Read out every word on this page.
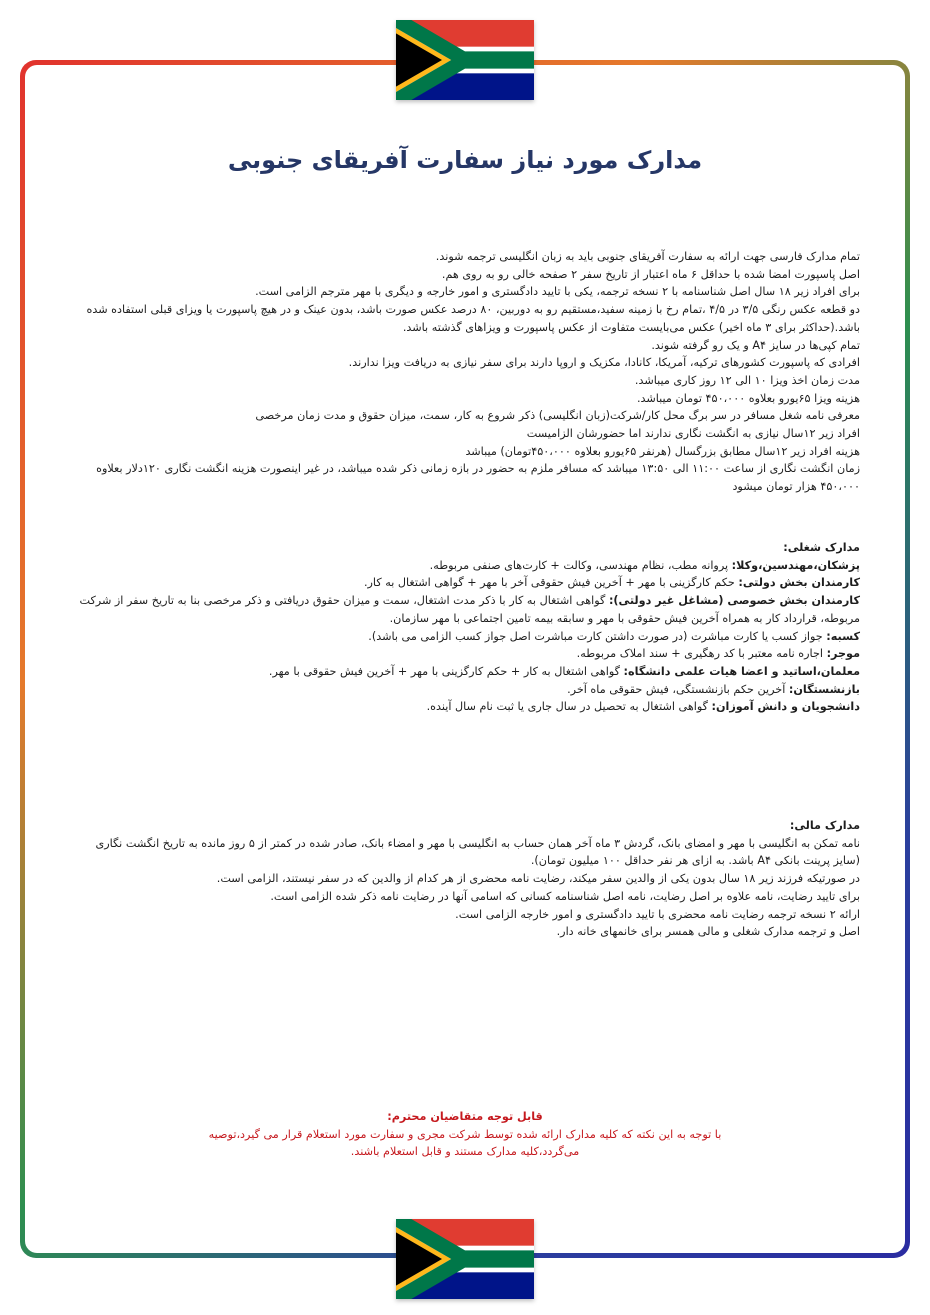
مدارک مورد نیاز سفارت آفریقای جنوبی

تمام مدارک فارسی جهت ارائه به سفارت آفریقای جنوبی باید به زبان انگلیسی ترجمه شوند.

اصل پاسپورت امضا شده با حداقل ۶ ماه اعتبار از تاریخ سفر ۲ صفحه خالی رو به روی هم.

برای افراد زیر ۱۸ سال اصل شناسنامه با ۲ نسخه ترجمه، یکی با تایید دادگستری و امور خارجه و دیگری با مهر مترجم الزامی است.

دو قطعه عکس رنگی ۳/۵ در ۴/۵ ،تمام رخ با زمینه سفید،مستقیم رو به دوربین، ۸۰ درصد عکس صورت باشد، بدون عینک و در هیچ پاسپورت یا ویزای قبلی استفاده شده باشد.(حداکثر برای ۳ ماه اخیر) عکس می‌بایست متفاوت از عکس پاسپورت و ویزاهای گذشته باشد.

تمام کپی‌ها در سایز A۴ و یک رو گرفته شوند.

افرادی که پاسپورت کشورهای ترکیه، آمریکا، کانادا، مکزیک و اروپا دارند برای سفر نیازی به دریافت ویزا ندارند.

مدت زمان اخذ ویزا ۱۰ الی ۱۲ روز کاری میباشد.

هزینه ویزا ۶۵یورو بعلاوه ۴۵۰،۰۰۰ تومان میباشد.

معرفی نامه شغل مسافر در سر برگ محل کار/شرکت(زبان انگلیسی) ذکر شروع به کار، سمت، میزان حقوق و مدت زمان مرخصی

افراد زیر ۱۲سال نیازی به انگشت نگاری ندارند اما حضورشان الزامیست

هزینه افراد زیر ۱۲سال مطابق بزرگسال (هرنفر ۶۵یورو بعلاوه ۴۵۰،۰۰۰تومان) میباشد

زمان انگشت نگاری از ساعت ۱۱:۰۰ الی ۱۳:۵۰ میباشد که مسافر ملزم به حضور در بازه زمانی ذکر شده میباشد، در غیر اینصورت هزینه انگشت نگاری ۱۲۰دلار بعلاوه ۴۵۰،۰۰۰ هزار تومان میشود

مدارک شغلی:

پزشکان،مهندسین،وکلا: پروانه مطب، نظام مهندسی، وکالت + کارت‌های صنفی مربوطه.

کارمندان بخش دولتی: حکم کارگزینی با مهر + آخرین فیش حقوقی آخر با مهر + گواهی اشتغال به کار.

کارمندان بخش خصوصی (مشاغل غیر دولتی): گواهی اشتغال به کار با ذکر مدت اشتغال، سمت و میزان حقوق دریافتی و ذکر مرخصی بنا به تاریخ سفر از شرکت مربوطه، قرارداد کار به همراه آخرین فیش حقوقی با مهر و سابقه بیمه تامین اجتماعی با مهر سازمان.

کسبه: جواز کسب یا کارت مباشرت (در صورت داشتن کارت مباشرت اصل جواز کسب الزامی می باشد).

موجر: اجاره نامه معتبر با کد رهگیری + سند املاک مربوطه.

معلمان،اساتید و اعضا هیات علمی دانشگاه: گواهی اشتغال به کار + حکم کارگزینی با مهر + آخرین فیش حقوقی با مهر.

بازنشستگان: آخرین حکم بازنشستگی، فیش حقوقی ماه آخر.

دانشجویان و دانش آموزان: گواهی اشتغال به تحصیل در سال جاری یا ثبت نام سال آینده.

مدارک مالی:

نامه تمکن به انگلیسی با مهر و امضای بانک، گردش ۳ ماه آخر همان حساب به انگلیسی با مهر و امضاء بانک، صادر شده در کمتر از ۵ روز مانده به تاریخ انگشت نگاری (سایز پرینت بانکی A۴ باشد. به ازای هر نفر حداقل ۱۰۰ میلیون تومان).

در صورتیکه فرزند زیر ۱۸ سال بدون یکی از والدین سفر میکند، رضایت نامه محضری از هر کدام از والدین که در سفر نیستند، الزامی است.

برای تایید رضایت، نامه علاوه بر اصل رضایت، نامه اصل شناسنامه کسانی که اسامی آنها در رضایت نامه ذکر شده الزامی است.

ارائه ۲ نسخه ترجمه رضایت نامه محضری با تایید دادگستری و امور خارجه الزامی است.

اصل و ترجمه مدارک شغلی و مالی همسر برای خانمهای خانه دار.

قابل توجه متقاضیان محترم:

با توجه به این نکته که کلیه مدارک ارائه شده توسط شرکت مجری و سفارت مورد استعلام قرار می گیرد،توصیه می‌گردد،کلیه مدارک مستند و قابل استعلام باشند.
